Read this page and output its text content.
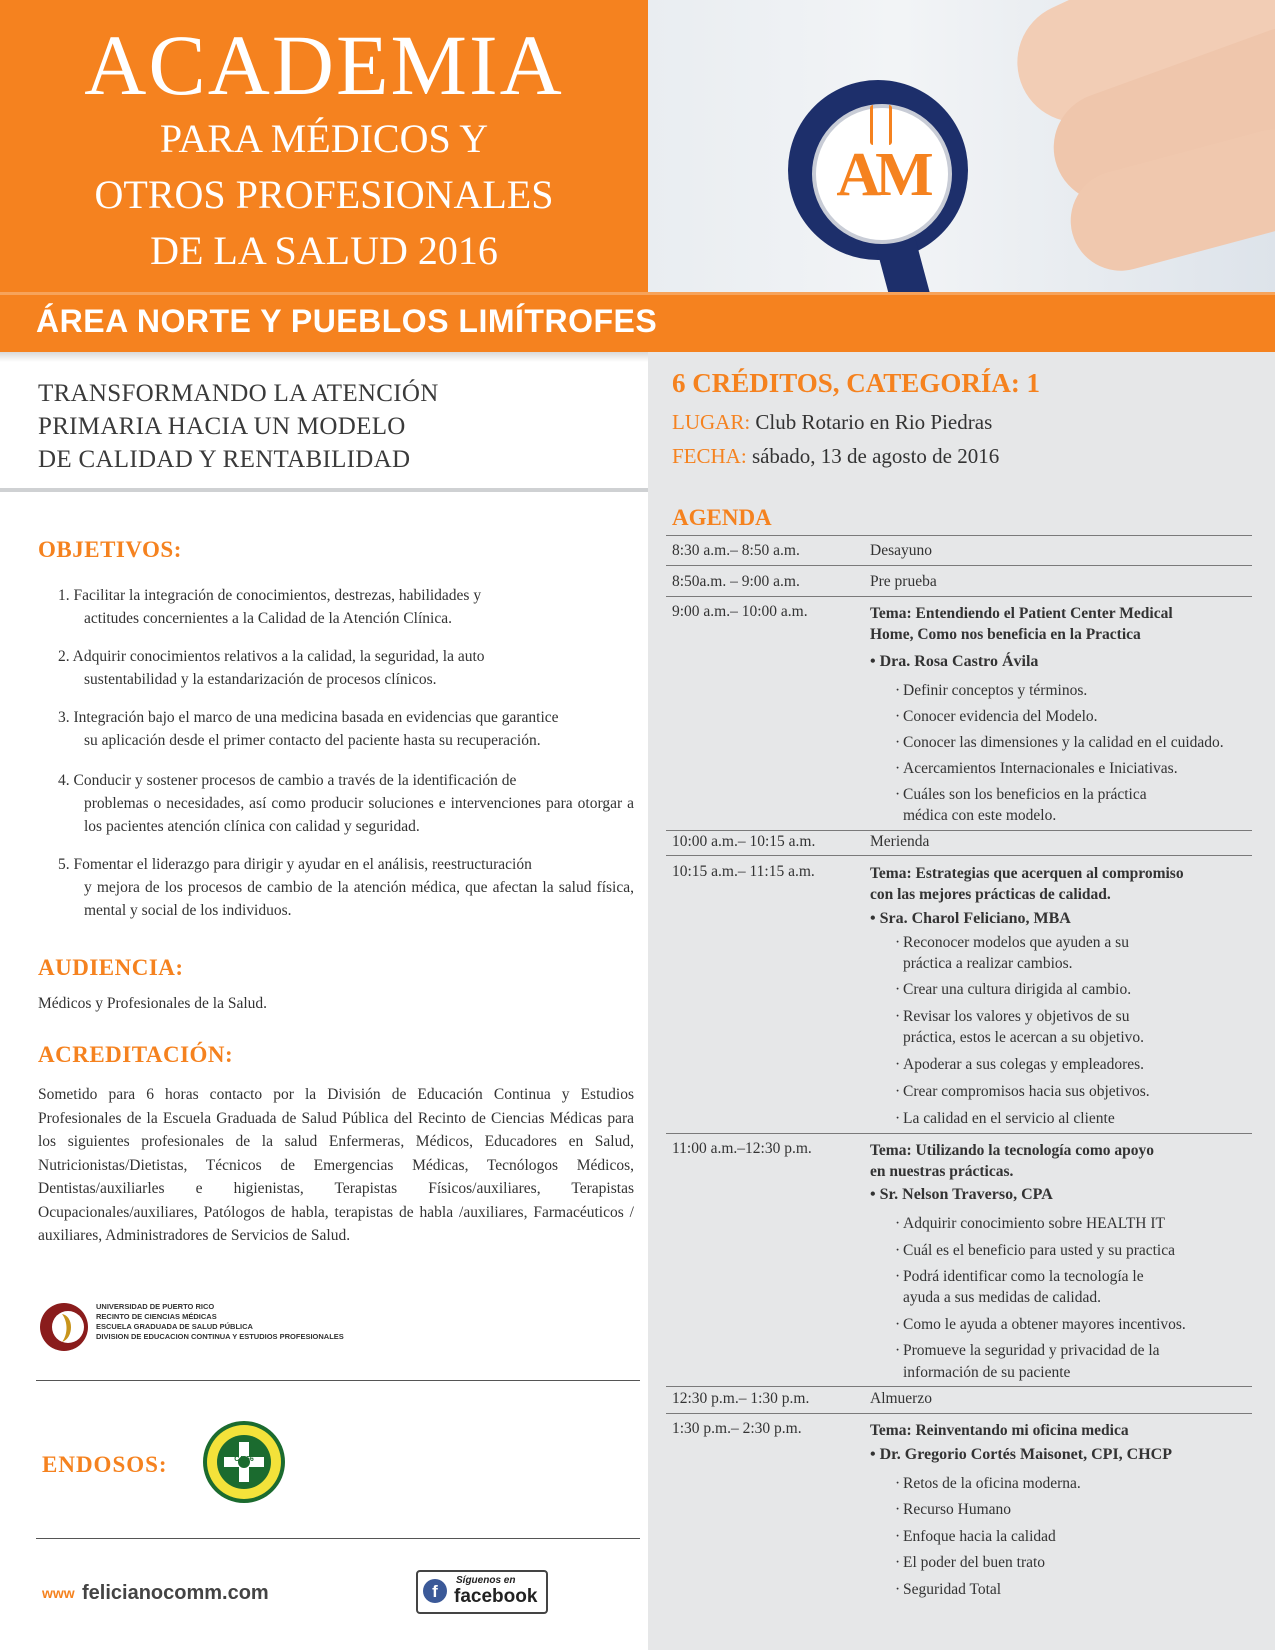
AM
ACADEMIA
PARA MÉDICOS Y
OTROS PROFESIONALES
DE LA SALUD 2016
ÁREA NORTE Y PUEBLOS LIMÍTROFES
TRANSFORMANDO LA ATENCIÓN
PRIMARIA HACIA UN MODELO
DE CALIDAD Y RENTABILIDAD
6 CRÉDITOS, CATEGORÍA: 1
LUGAR: Club Rotario en Rio Piedras
FECHA: sábado, 13 de agosto de 2016
OBJETIVOS:
1. Facilitar la integración de conocimientos, destrezas, habilidades y
actitudes concernientes a la Calidad de la Atención Clínica.
2. Adquirir conocimientos relativos a la calidad, la seguridad, la auto
sustentabilidad y la estandarización de procesos clínicos.
3. Integración bajo el marco de una medicina basada en evidencias que garantice
su aplicación desde el primer contacto del paciente hasta su recuperación.
4. Conducir y sostener procesos de cambio a través de la identificación de
problemas o necesidades, así como producir soluciones e intervenciones para otorgar a los pacientes atención clínica con calidad y seguridad.
5. Fomentar el liderazgo para dirigir y ayudar en el análisis, reestructuración
y mejora de los procesos de cambio de la atención médica, que afectan la salud física, mental y social de los individuos.
AUDIENCIA:
Médicos y Profesionales de la Salud.
ACREDITACIÓN:
Sometido para 6 horas contacto por la División de Educación Continua y Estudios Profesionales de la Escuela Graduada de Salud Pública del Recinto de Ciencias Médicas para los siguientes profesionales de la salud Enfermeras, Médicos, Educadores en Salud, Nutricionistas/Dietistas, Técnicos de Emergencias Médicas, Tecnólogos Médicos, Dentistas/auxiliarles e higienistas, Terapistas Físicos/auxiliares, Terapistas Ocupacionales/auxiliares, Patólogos de habla, terapistas de habla /auxiliares, Farmacéuticos / auxiliares, Administradores de Servicios de Salud.
UNIVERSIDAD DE PUERTO RICO
RECINTO DE CIENCIAS MÉDICAS
ESCUELA GRADUADA DE SALUD PÚBLICA
DIVISION DE EDUCACION CONTINUA Y ESTUDIOS PROFESIONALES
ENDOSOS:	CA 66
www felicianocomm.com	f
Síguenos en
facebook
AGENDA
8:30 a.m.– 8:50 a.m.	Desayuno
8:50a.m. – 9:00 a.m.	Pre prueba
9:00 a.m.– 10:00 a.m.	Tema: Entendiendo el Patient Center Medical
Home, Como nos beneficia en la Practica
• Dra. Rosa Castro Ávila
· Definir conceptos y términos.
· Conocer evidencia del Modelo.
· Conocer las dimensiones y la calidad en el cuidado.
· Acercamientos Internacionales e Iniciativas.
· Cuáles son los beneficios en la práctica
médica con este modelo.
10:00 a.m.– 10:15 a.m.	Merienda
10:15 a.m.– 11:15 a.m.	Tema: Estrategias que acerquen al compromiso
con las mejores prácticas de calidad.
• Sra. Charol Feliciano, MBA
· Reconocer modelos que ayuden a su
práctica a realizar cambios.
· Crear una cultura dirigida al cambio.
· Revisar los valores y objetivos de su
práctica, estos le acercan a su objetivo.
· Apoderar a sus colegas y empleadores.
· Crear compromisos hacia sus objetivos.
· La calidad en el servicio al cliente
11:00 a.m.–12:30 p.m.	Tema: Utilizando la tecnología como apoyo
en nuestras prácticas.
• Sr. Nelson Traverso, CPA
· Adquirir conocimiento sobre HEALTH IT
· Cuál es el beneficio para usted y su practica
· Podrá identificar como la tecnología le
ayuda a sus medidas de calidad.
· Como le ayuda a obtener mayores incentivos.
· Promueve la seguridad y privacidad de la
información de su paciente
12:30 p.m.– 1:30 p.m.	Almuerzo
1:30 p.m.– 2:30 p.m.	Tema: Reinventando mi oficina medica
• Dr. Gregorio Cortés Maisonet, CPI, CHCP
· Retos de la oficina moderna.
· Recurso Humano
· Enfoque hacia la calidad
· El poder del buen trato
· Seguridad Total
